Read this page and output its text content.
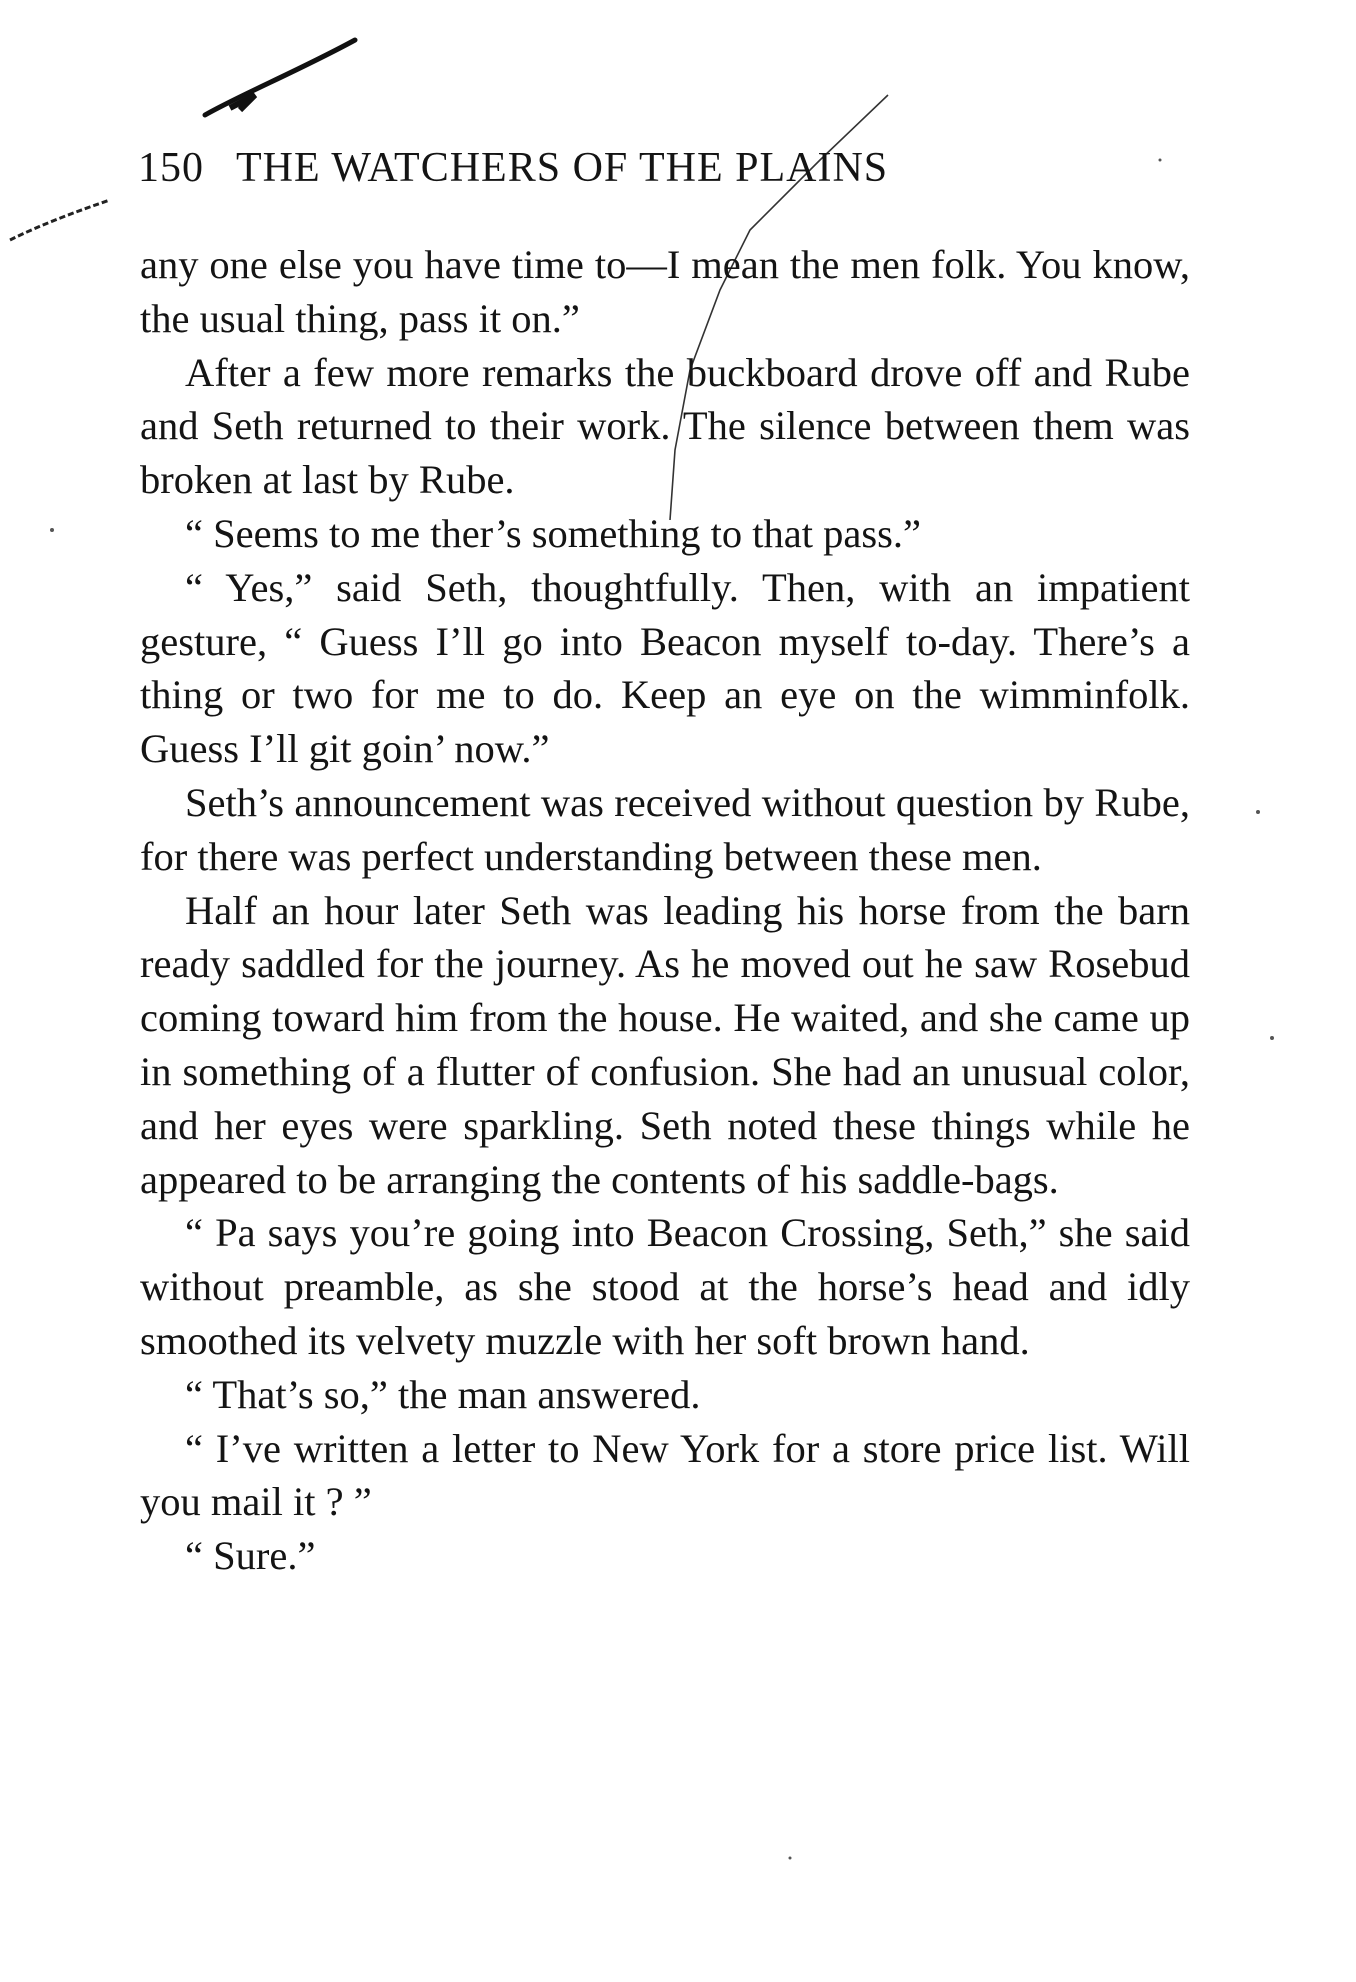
150 THE WATCHERS OF THE PLAINS

any one else you have time to—I mean the men folk. You know, the usual thing, pass it on.”

After a few more remarks the buckboard drove off and Rube and Seth returned to their work. The silence between them was broken at last by Rube.

“ Seems to me ther’s something to that pass.”

“ Yes,” said Seth, thoughtfully. Then, with an impatient gesture, “ Guess I’ll go into Beacon myself to-day. There’s a thing or two for me to do. Keep an eye on the wimminfolk. Guess I’ll git goin’ now.”

Seth’s announcement was received without question by Rube, for there was perfect understanding between these men.

Half an hour later Seth was leading his horse from the barn ready saddled for the journey. As he moved out he saw Rosebud coming toward him from the house. He waited, and she came up in something of a flutter of confusion. She had an unusual color, and her eyes were sparkling. Seth noted these things while he appeared to be arranging the contents of his saddle-bags.

“ Pa says you’re going into Beacon Crossing, Seth,” she said without preamble, as she stood at the horse’s head and idly smoothed its velvety muzzle with her soft brown hand.

“ That’s so,” the man answered.

“ I’ve written a letter to New York for a store price list. Will you mail it ? ”

“ Sure.”
